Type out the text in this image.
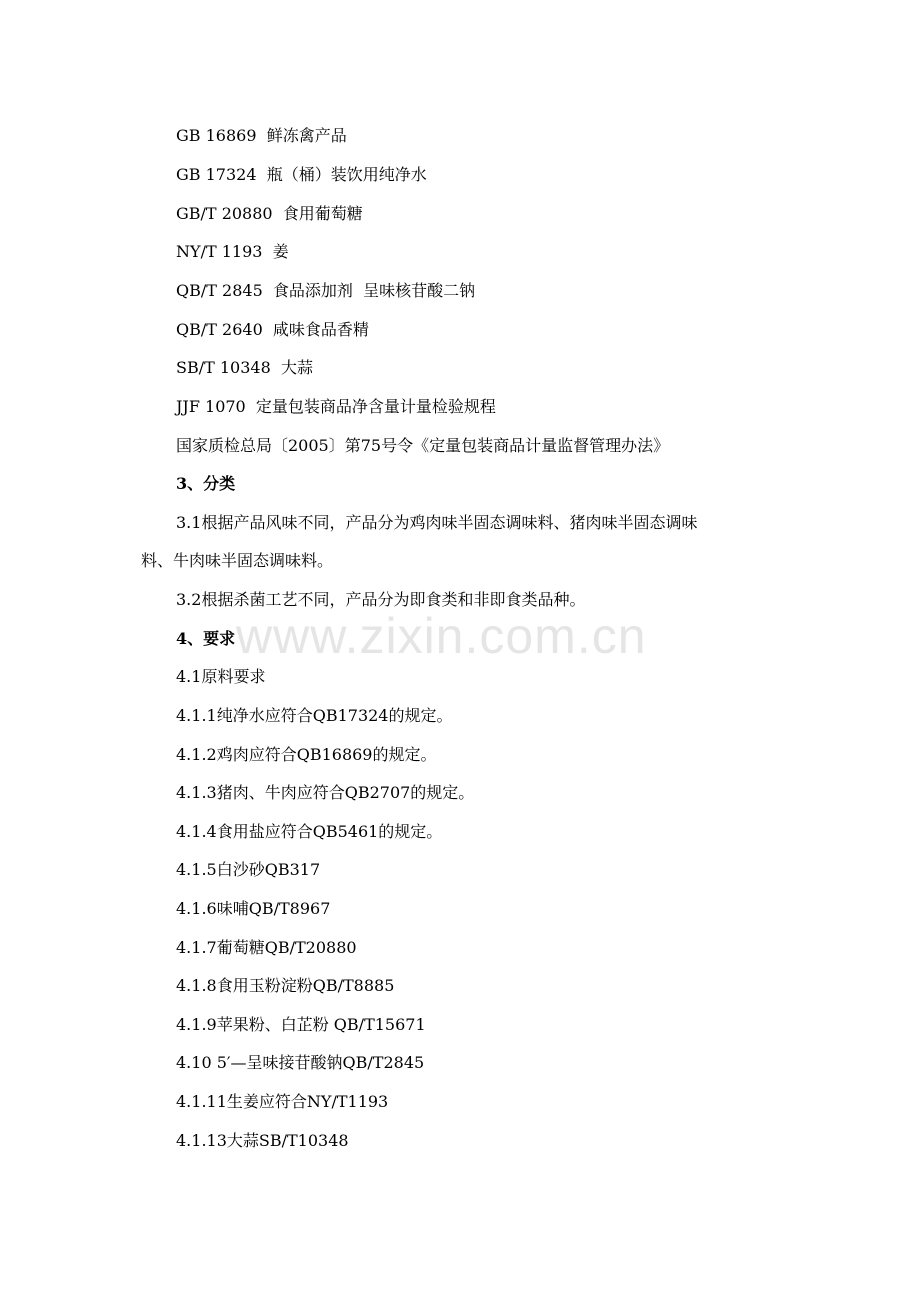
GB 16869  鲜冻禽产品
GB 17324  瓶（桶）装饮用纯净水
GB/T 20880  食用葡萄糖
NY/T 1193  姜
QB/T 2845  食品添加剂  呈味核苷酸二钠
QB/T 2640  咸味食品香精
SB/T 10348  大蒜
JJF 1070  定量包装商品净含量计量检验规程
国家质检总局〔2005〕第75号令《定量包装商品计量监督管理办法》
3、分类
3.1根据产品风味不同，产品分为鸡肉味半固态调味料、猪肉味半固态调味
料、牛肉味半固态调味料。
3.2根据杀菌工艺不同，产品分为即食类和非即食类品种。
4、要求
4.1原料要求
4.1.1纯净水应符合QB17324的规定。
4.1.2鸡肉应符合QB16869的规定。
4.1.3猪肉、牛肉应符合QB2707的规定。
4.1.4食用盐应符合QB5461的规定。
4.1.5白沙砂QB317
4.1.6味哺QB/T8967
4.1.7葡萄糖QB/T20880
4.1.8食用玉粉淀粉QB/T8885
4.1.9苹果粉、白芷粉 QB/T15671
4.10 5′—呈味接苷酸钠QB/T2845
4.1.11生姜应符合NY/T1193
4.1.13大蒜SB/T10348
www.zixin.com.cn
